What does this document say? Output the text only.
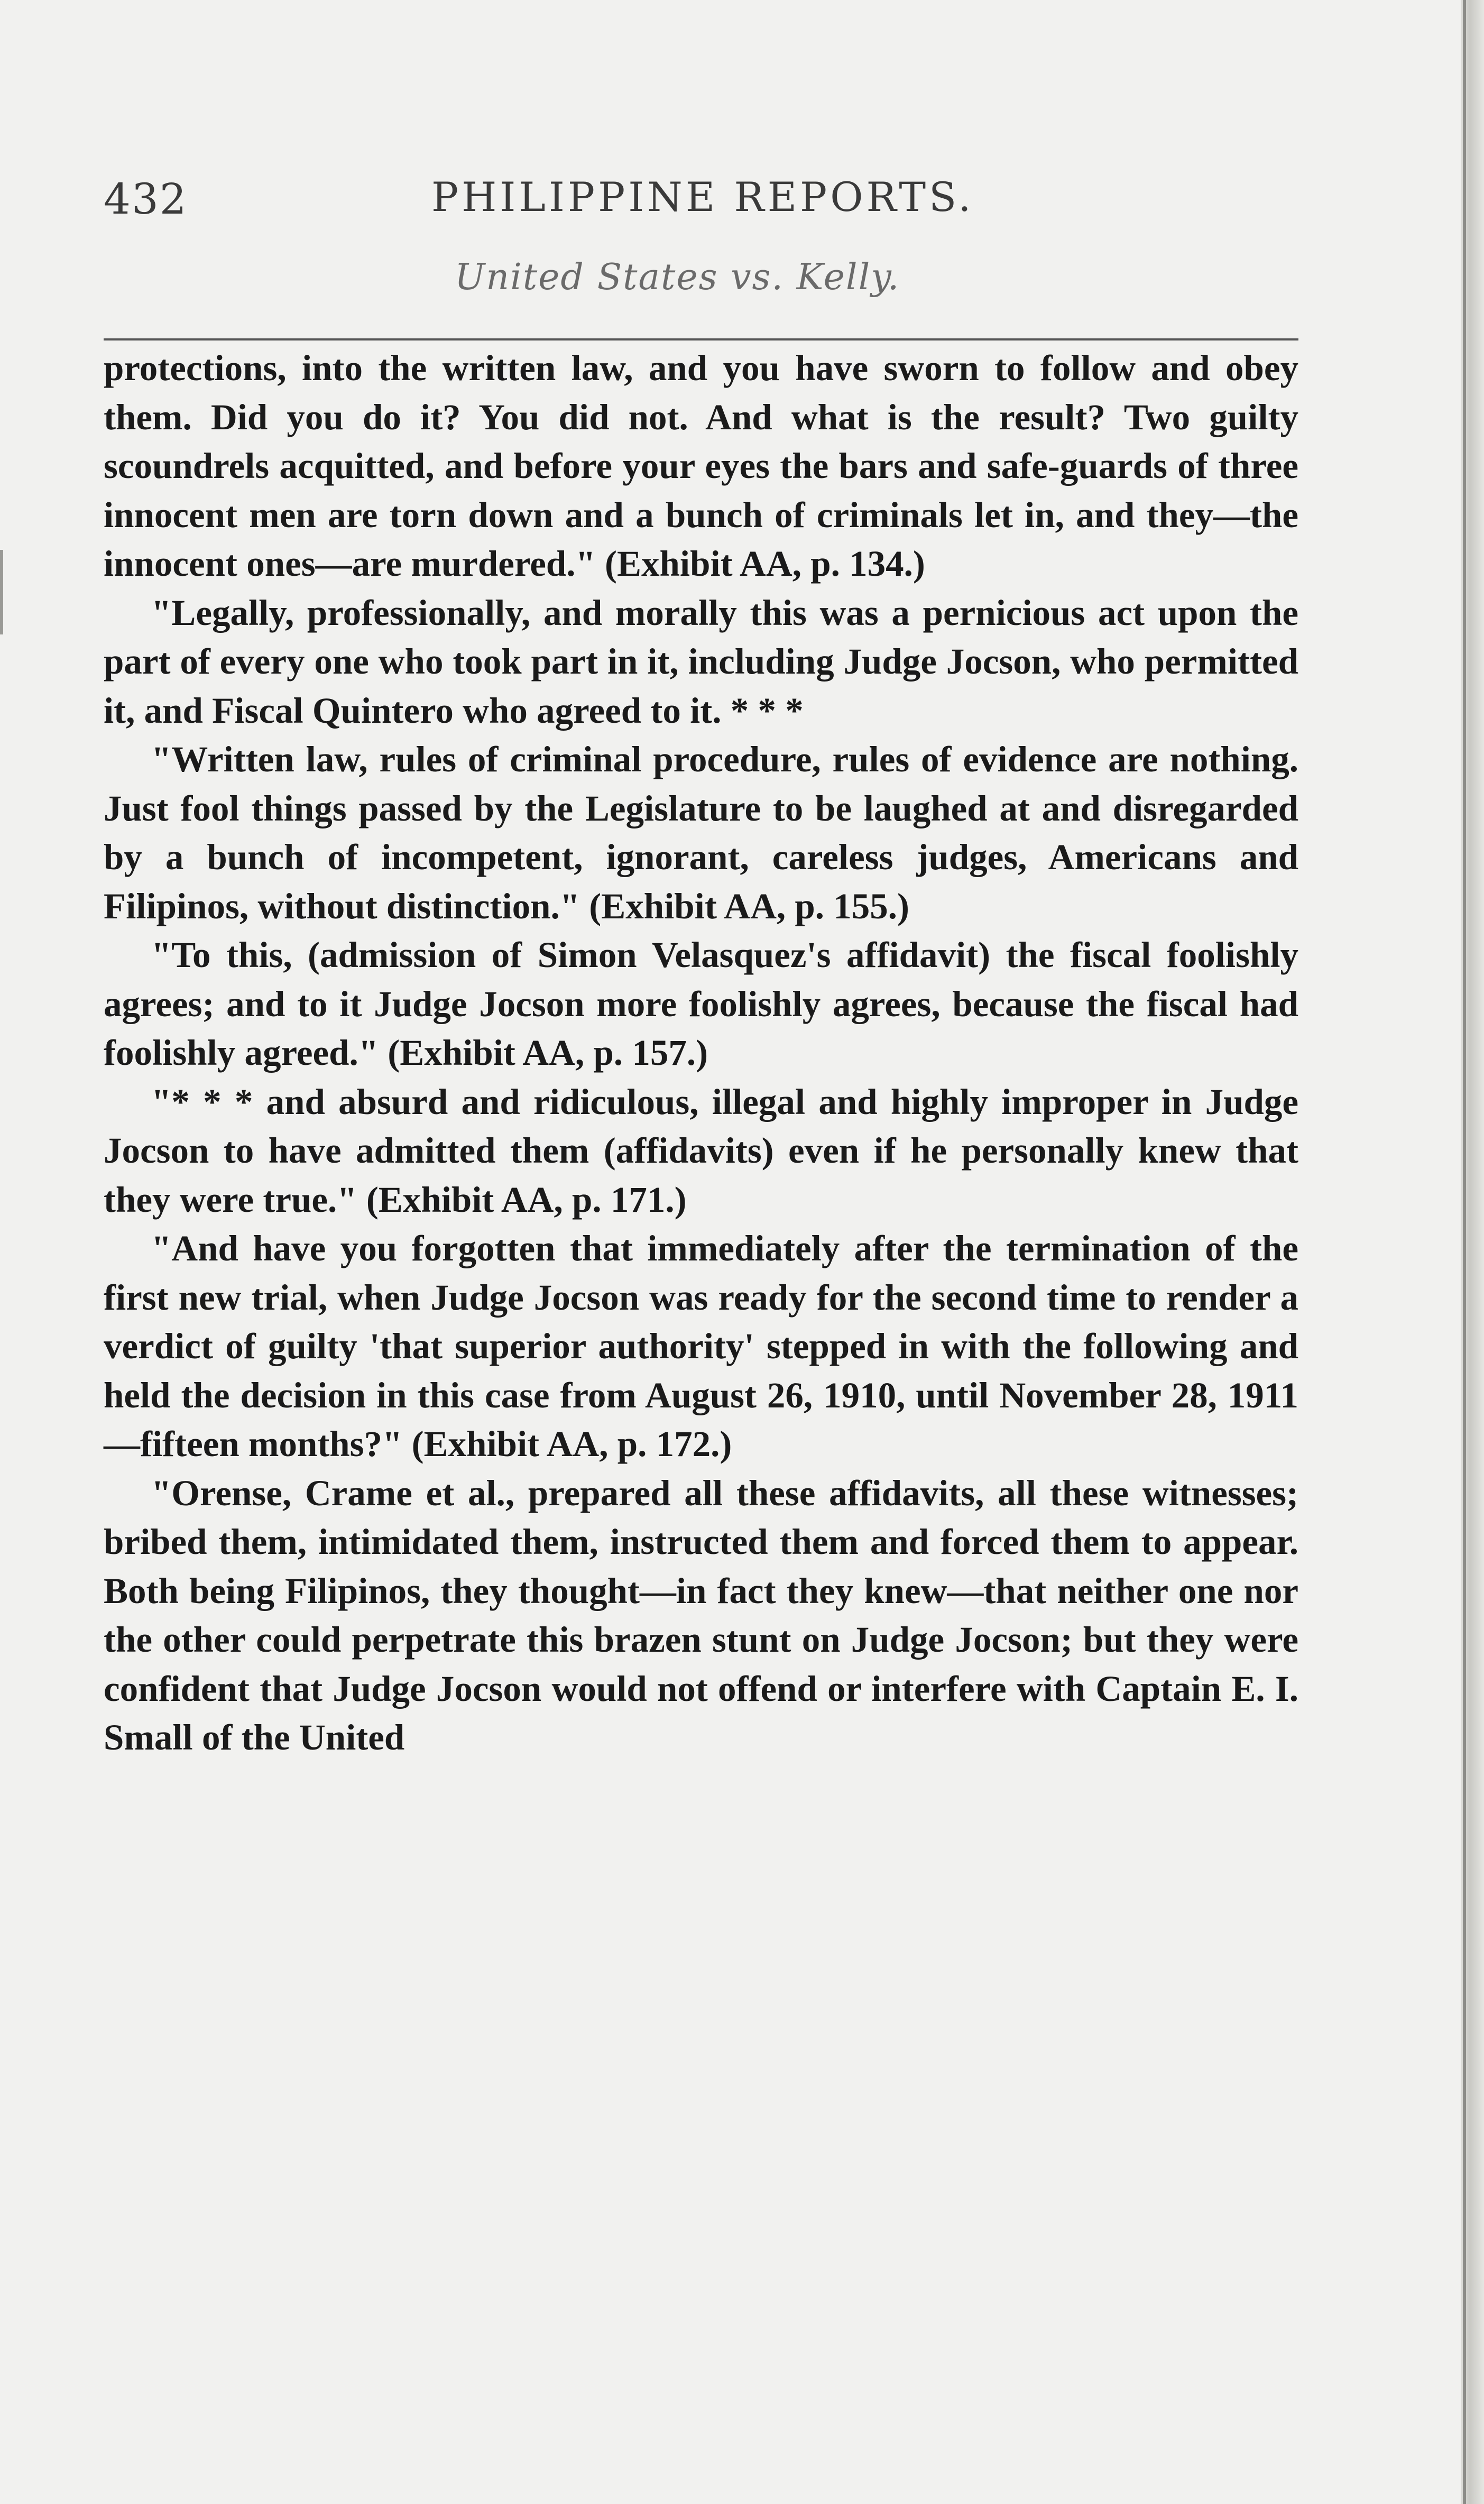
432	PHILIPPINE REPORTS.
United States vs. Kelly.

protections, into the written law, and you have sworn to follow and obey them. Did you do it? You did not. And what is the result? Two guilty scoundrels acquitted, and before your eyes the bars and safe-guards of three innocent men are torn down and a bunch of criminals let in, and they—the innocent ones—are murdered." (Exhibit AA, p. 134.)

"Legally, professionally, and morally this was a pernicious act upon the part of every one who took part in it, including Judge Jocson, who permitted it, and Fiscal Quintero who agreed to it. * * *

"Written law, rules of criminal procedure, rules of evidence are nothing. Just fool things passed by the Legislature to be laughed at and disregarded by a bunch of incompetent, ignorant, careless judges, Americans and Filipinos, without distinction." (Exhibit AA, p. 155.)

"To this, (admission of Simon Velasquez's affidavit) the fiscal foolishly agrees; and to it Judge Jocson more foolishly agrees, because the fiscal had foolishly agreed." (Exhibit AA, p. 157.)

"* * * and absurd and ridiculous, illegal and highly improper in Judge Jocson to have admitted them (affidavits) even if he personally knew that they were true." (Exhibit AA, p. 171.)

"And have you forgotten that immediately after the termination of the first new trial, when Judge Jocson was ready for the second time to render a verdict of guilty 'that superior authority' stepped in with the following and held the decision in this case from August 26, 1910, until November 28, 1911—fifteen months?" (Exhibit AA, p. 172.)

"Orense, Crame et al., prepared all these affidavits, all these witnesses; bribed them, intimidated them, instructed them and forced them to appear. Both being Filipinos, they thought—in fact they knew—that neither one nor the other could perpetrate this brazen stunt on Judge Jocson; but they were confident that Judge Jocson would not offend or interfere with Captain E. I. Small of the United
